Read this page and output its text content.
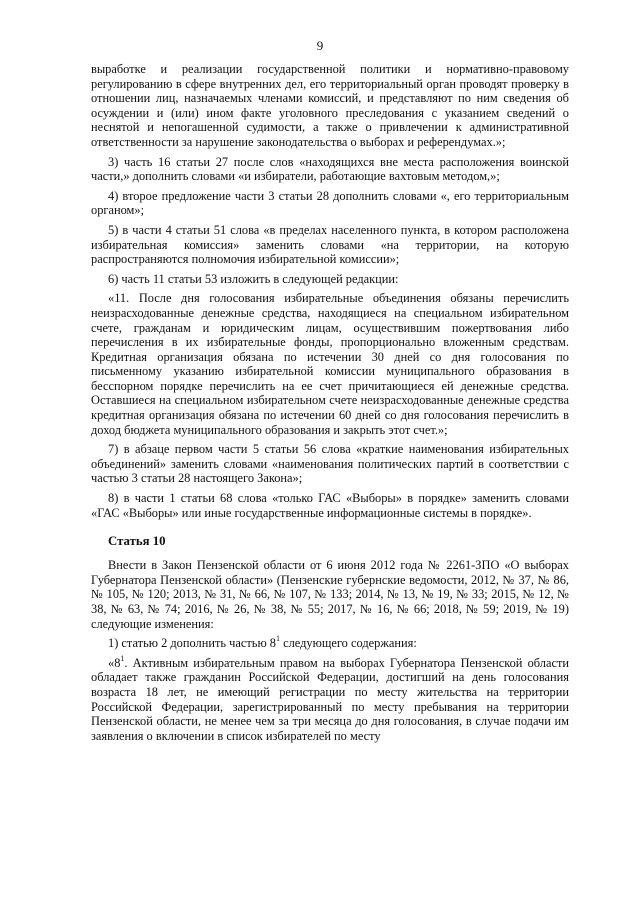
9

выработке и реализации государственной политики и нормативно-правовому регулированию в сфере внутренних дел, его территориальный орган проводят проверку в отношении лиц, назначаемых членами комиссий, и представляют по ним сведения об осуждении и (или) ином факте уголовного преследования с указанием сведений о неснятой и непогашенной судимости, а также о привлечении к административной ответственности за нарушение законодательства о выборах и референдумах.»;

3) часть 16 статьи 27 после слов «находящихся вне места расположения воинской части,» дополнить словами «и избиратели, работающие вахтовым методом,»;

4) второе предложение части 3 статьи 28 дополнить словами «, его территориальным органом»;

5) в части 4 статьи 51 слова «в пределах населенного пункта, в котором расположена избирательная комиссия» заменить словами «на территории, на которую распространяются полномочия избирательной комиссии»;

6) часть 11 статьи 53 изложить в следующей редакции:

«11. После дня голосования избирательные объединения обязаны перечислить неизрасходованные денежные средства, находящиеся на специальном избирательном счете, гражданам и юридическим лицам, осуществившим пожертвования либо перечисления в их избирательные фонды, пропорционально вложенным средствам. Кредитная организация обязана по истечении 30 дней со дня голосования по письменному указанию избирательной комиссии муниципального образования в бесспорном порядке перечислить на ее счет причитающиеся ей денежные средства. Оставшиеся на специальном избирательном счете неизрасходованные денежные средства кредитная организация обязана по истечении 60 дней со дня голосования перечислить в доход бюджета муниципального образования и закрыть этот счет.»;

7) в абзаце первом части 5 статьи 56 слова «краткие наименования избирательных объединений» заменить словами «наименования политических партий в соответствии с частью 3 статьи 28 настоящего Закона»;

8) в части 1 статьи 68 слова «только ГАС «Выборы» в порядке» заменить словами «ГАС «Выборы» или иные государственные информационные системы в порядке».

Статья 10

Внести в Закон Пензенской области от 6 июня 2012 года № 2261-ЗПО «О выборах Губернатора Пензенской области» (Пензенские губернские ведомости, 2012, № 37, № 86, № 105, № 120; 2013, № 31, № 66, № 107, № 133; 2014, № 13, № 19, № 33; 2015, № 12, № 38, № 63, № 74; 2016, № 26, № 38, № 55; 2017, № 16, № 66; 2018, № 59; 2019, № 19) следующие изменения:

1) статью 2 дополнить частью $8^1$ следующего содержания:

«$8^1$. Активным избирательным правом на выборах Губернатора Пензенской области обладает также гражданин Российской Федерации, достигший на день голосования возраста 18 лет, не имеющий регистрации по месту жительства на территории Российской Федерации, зарегистрированный по месту пребывания на территории Пензенской области, не менее чем за три месяца до дня голосования, в случае подачи им заявления о включении в список избирателей по месту
